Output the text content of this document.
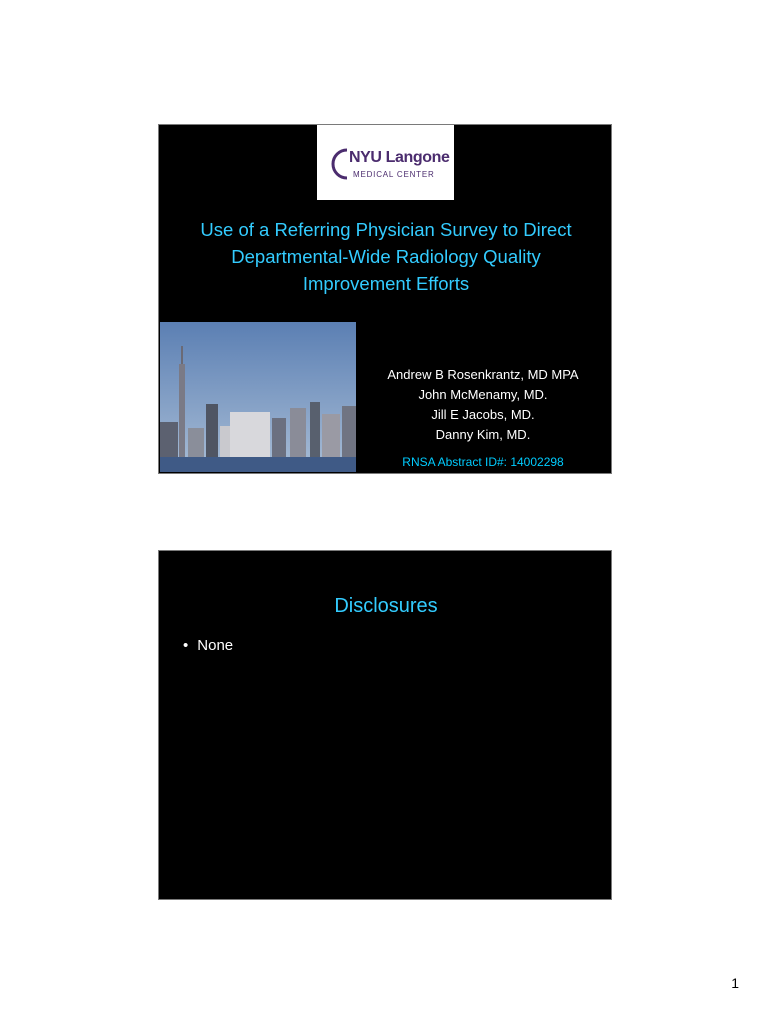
NYU Langone
MEDICAL CENTER
Use of a Referring Physician Survey to Direct
Departmental-Wide Radiology Quality
Improvement Efforts
Andrew B Rosenkrantz, MD MPA
John McMenamy, MD.
Jill E Jacobs, MD.
Danny Kim, MD.
RNSA Abstract ID#: 14002298
Disclosures
• None
1
